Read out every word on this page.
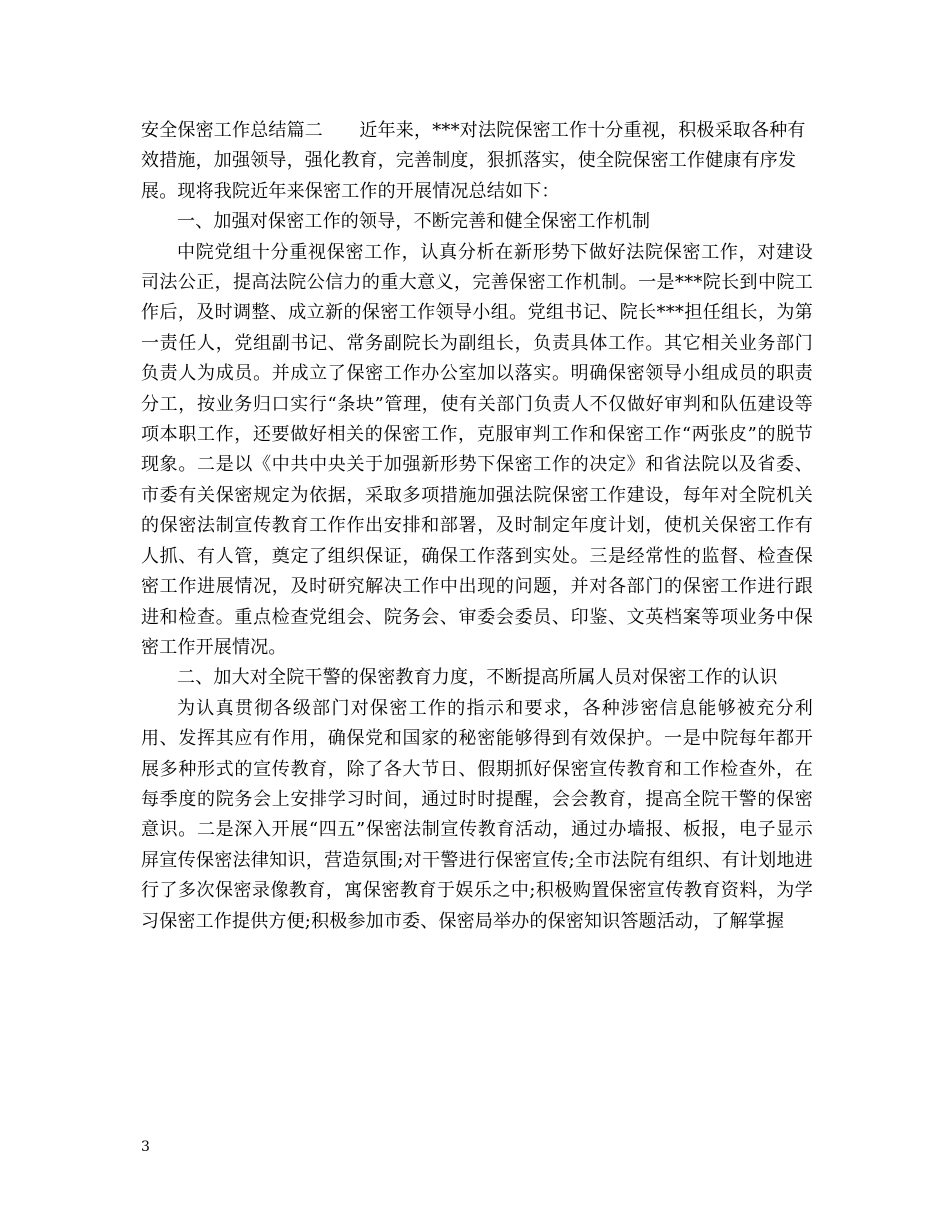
安全保密工作总结篇二　　近年来，***对法院保密工作十分重视，积极采取各种有效措施，加强领导，强化教育，完善制度，狠抓落实，使全院保密工作健康有序发展。现将我院近年来保密工作的开展情况总结如下：

一、加强对保密工作的领导，不断完善和健全保密工作机制

中院党组十分重视保密工作，认真分析在新形势下做好法院保密工作，对建设司法公正，提高法院公信力的重大意义，完善保密工作机制。一是***院长到中院工作后，及时调整、成立新的保密工作领导小组。党组书记、院长***担任组长，为第一责任人，党组副书记、常务副院长为副组长，负责具体工作。其它相关业务部门负责人为成员。并成立了保密工作办公室加以落实。明确保密领导小组成员的职责分工，按业务归口实行“条块”管理，使有关部门负责人不仅做好审判和队伍建设等项本职工作，还要做好相关的保密工作，克服审判工作和保密工作“两张皮”的脱节现象。二是以《中共中央关于加强新形势下保密工作的决定》和省法院以及省委、市委有关保密规定为依据，采取多项措施加强法院保密工作建设，每年对全院机关的保密法制宣传教育工作作出安排和部署，及时制定年度计划，使机关保密工作有人抓、有人管，奠定了组织保证，确保工作落到实处。三是经常性的监督、检查保密工作进展情况，及时研究解决工作中出现的问题，并对各部门的保密工作进行跟进和检查。重点检查党组会、院务会、审委会委员、印鉴、文英档案等项业务中保密工作开展情况。

二、加大对全院干警的保密教育力度，不断提高所属人员对保密工作的认识

为认真贯彻各级部门对保密工作的指示和要求，各种涉密信息能够被充分利用、发挥其应有作用，确保党和国家的秘密能够得到有效保护。一是中院每年都开展多种形式的宣传教育，除了各大节日、假期抓好保密宣传教育和工作检查外，在每季度的院务会上安排学习时间，通过时时提醒，会会教育，提高全院干警的保密意识。二是深入开展“四五”保密法制宣传教育活动，通过办墙报、板报，电子显示屏宣传保密法律知识，营造氛围;对干警进行保密宣传;全市法院有组织、有计划地进行了多次保密录像教育，寓保密教育于娱乐之中;积极购置保密宣传教育资料，为学习保密工作提供方便;积极参加市委、保密局举办的保密知识答题活动，了解掌握

3
